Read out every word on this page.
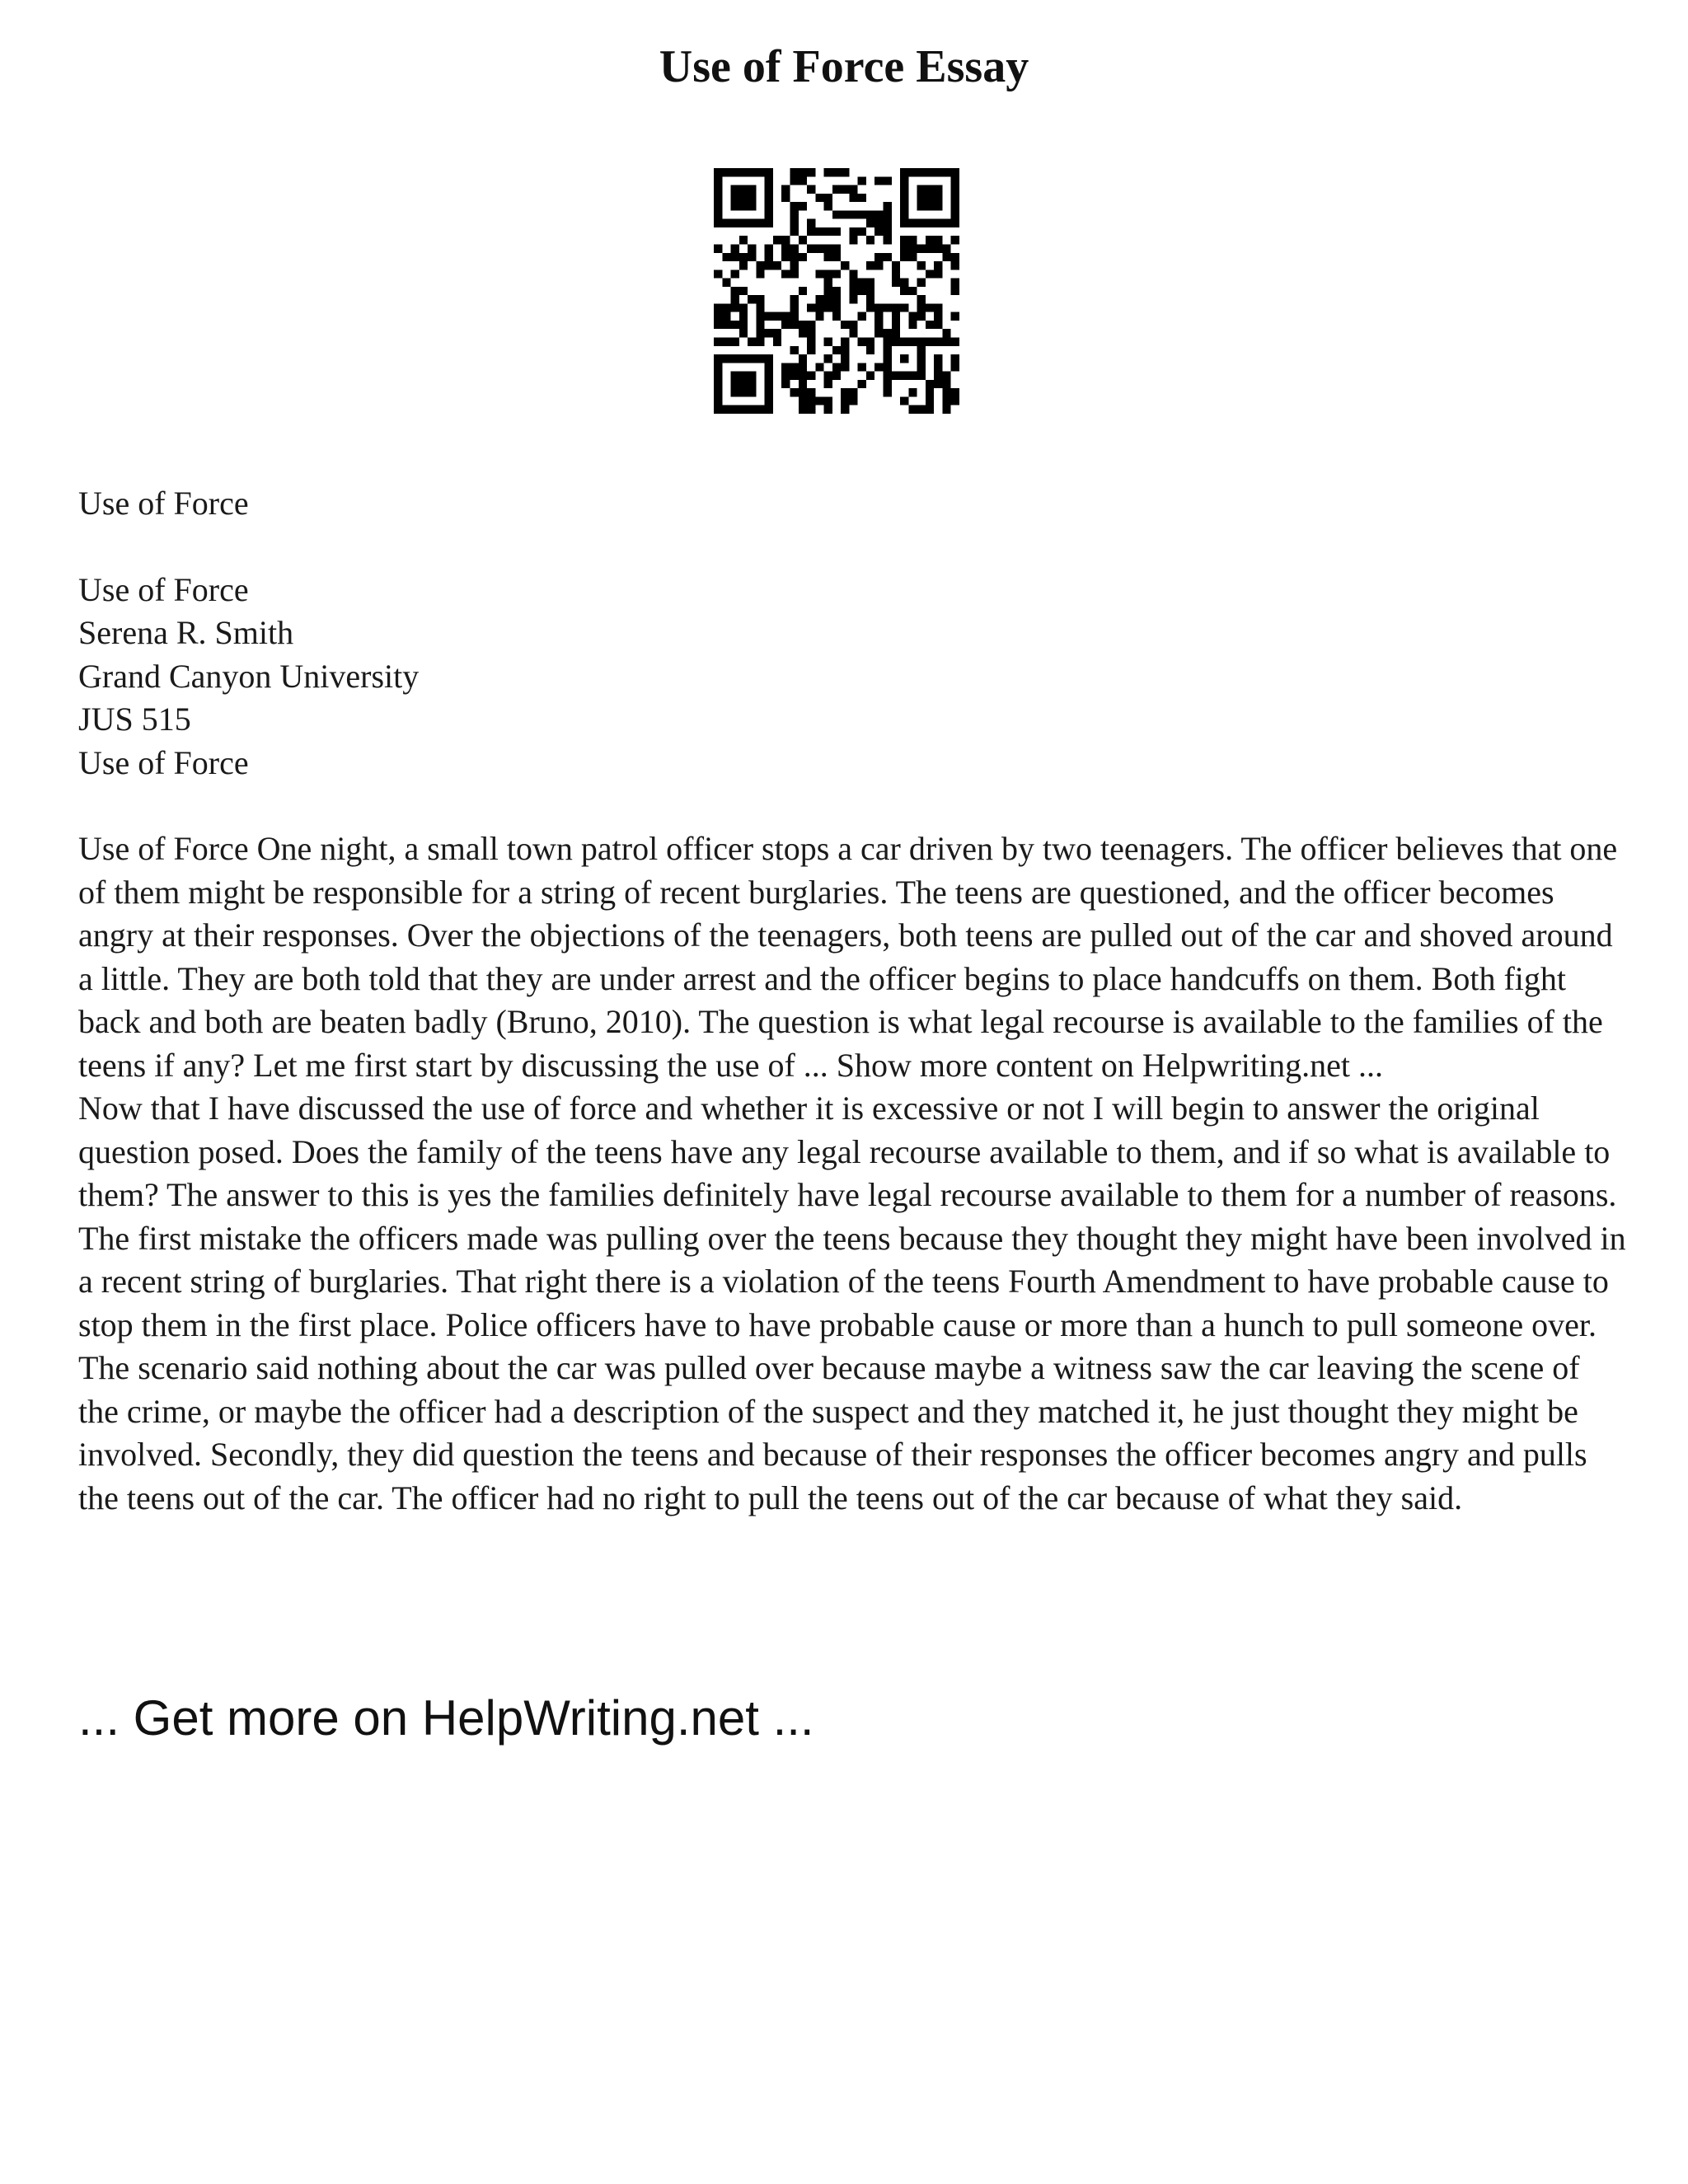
Use of Force Essay

Use of Force

Use of Force

Serena R. Smith

Grand Canyon University

JUS 515

Use of Force

Use of Force One night, a small town patrol officer stops a car driven by two teenagers. The officer believes that one of them might be responsible for a string of recent burglaries. The teens are questioned, and the officer becomes angry at their responses. Over the objections of the teenagers, both teens are pulled out of the car and shoved around a little. They are both told that they are under arrest and the officer begins to place handcuffs on them. Both fight back and both are beaten badly (Bruno, 2010). The question is what legal recourse is available to the families of the teens if any? Let me first start by discussing the use of ... Show more content on Helpwriting.net ...

Now that I have discussed the use of force and whether it is excessive or not I will begin to answer the original question posed. Does the family of the teens have any legal recourse available to them, and if so what is available to them? The answer to this is yes the families definitely have legal recourse available to them for a number of reasons. The first mistake the officers made was pulling over the teens because they thought they might have been involved in a recent string of burglaries. That right there is a violation of the teens Fourth Amendment to have probable cause to stop them in the first place. Police officers have to have probable cause or more than a hunch to pull someone over. The scenario said nothing about the car was pulled over because maybe a witness saw the car leaving the scene of the crime, or maybe the officer had a description of the suspect and they matched it, he just thought they might be involved. Secondly, they did question the teens and because of their responses the officer becomes angry and pulls the teens out of the car. The officer had no right to pull the teens out of the car because of what they said.

... Get more on HelpWriting.net ...
